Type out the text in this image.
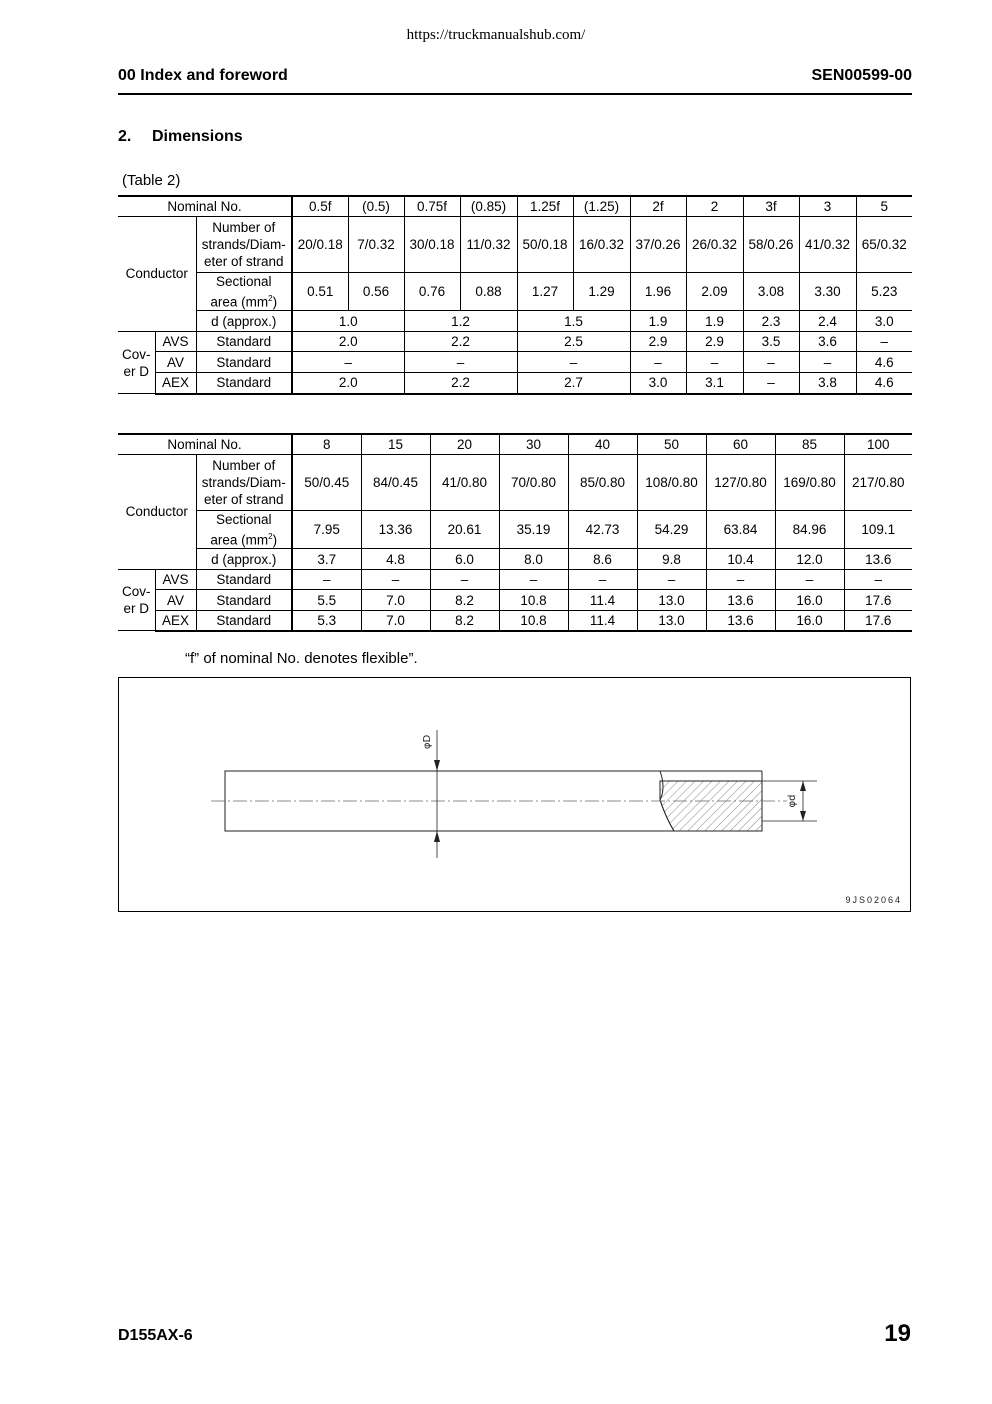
https://truckmanualshub.com/
00 Index and foreword	SEN00599-00
2. Dimensions
(Table 2)
Nominal No.			0.5f	(0.5)	0.75f	(0.85)	1.25f	(1.25)	2f	2	3f	3	5
Conductor		Number of
strands/Diam-
eter of strand	20/0.18	7/0.32	30/0.18	11/0.32	50/0.18	16/0.32	37/0.26	26/0.32	58/0.26	41/0.32	65/0.32
		Sectional
area $(mm^2)$	0.51	0.56	0.76	0.88	1.27	1.29	1.96	2.09	3.08	3.30	5.23
		d (approx.)	1.0		1.2		1.5		1.9	1.9	2.3	2.4	3.0
Cov-
er D	AVS	Standard	2.0		2.2		2.5		2.9	2.9	3.5	3.6	–
	AV	Standard	–		–		–		–	–	–	–	4.6
	AEX	Standard	2.0		2.2		2.7		3.0	3.1	–	3.8	4.6
Nominal No.			8	15	20	30	40	50	60	85	100
Conductor		Number of
strands/Diam-
eter of strand	50/0.45	84/0.45	41/0.80	70/0.80	85/0.80	108/0.80	127/0.80	169/0.80	217/0.80
		Sectional
area $(mm^2)$	7.95	13.36	20.61	35.19	42.73	54.29	63.84	84.96	109.1
		d (approx.)	3.7	4.8	6.0	8.0	8.6	9.8	10.4	12.0	13.6
Cov-
er D	AVS	Standard	–	–	–	–	–	–	–	–	–
	AV	Standard	5.5	7.0	8.2	10.8	11.4	13.0	13.6	16.0	17.6
	AEX	Standard	5.3	7.0	8.2	10.8	11.4	13.0	13.6	16.0	17.6
“f” of nominal No. denotes flexible”.
φD
φd
9JS02064
D155AX-6	19
